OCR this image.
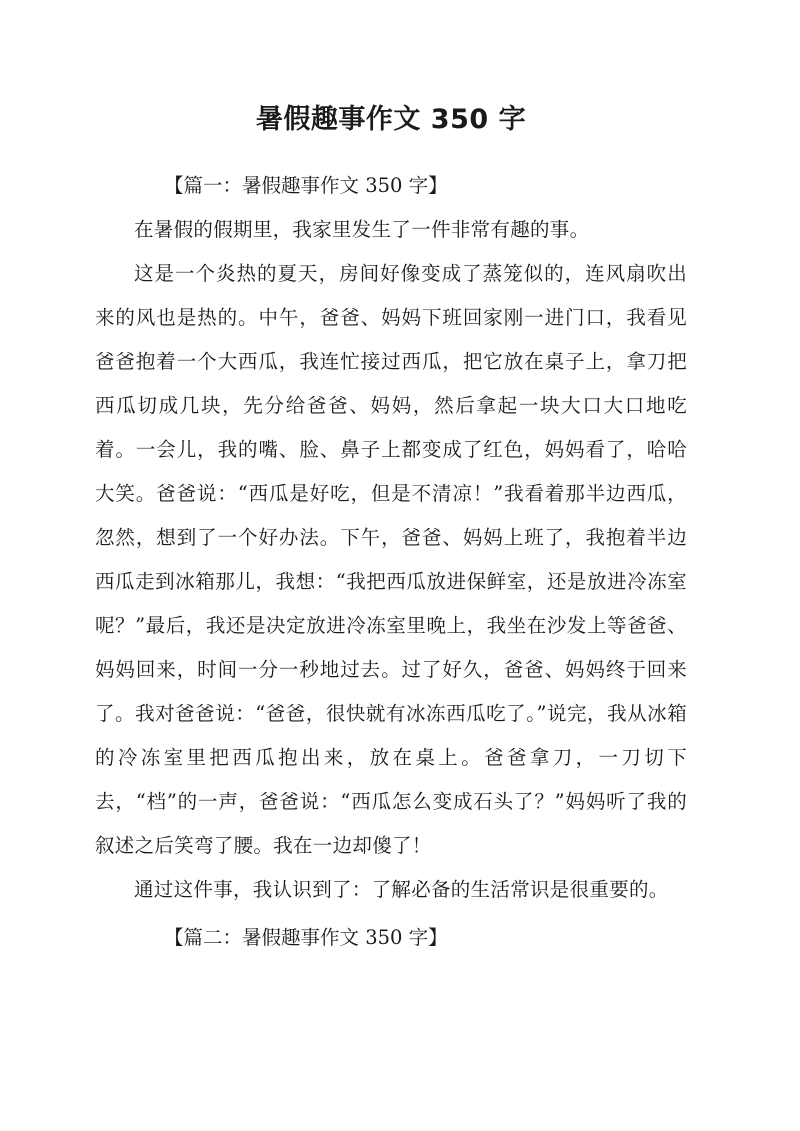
暑假趣事作文 350 字

【篇一：暑假趣事作文 350 字】

在暑假的假期里，我家里发生了一件非常有趣的事。

这是一个炎热的夏天，房间好像变成了蒸笼似的，连风扇吹出来的风也是热的。中午，爸爸、妈妈下班回家刚一进门口，我看见爸爸抱着一个大西瓜，我连忙接过西瓜，把它放在桌子上，拿刀把西瓜切成几块，先分给爸爸、妈妈，然后拿起一块大口大口地吃着。一会儿，我的嘴、脸、鼻子上都变成了红色，妈妈看了，哈哈大笑。爸爸说：“西瓜是好吃，但是不清凉！”我看着那半边西瓜，忽然，想到了一个好办法。下午，爸爸、妈妈上班了，我抱着半边西瓜走到冰箱那儿，我想：“我把西瓜放进保鲜室，还是放进冷冻室呢？”最后，我还是决定放进冷冻室里晚上，我坐在沙发上等爸爸、妈妈回来，时间一分一秒地过去。过了好久，爸爸、妈妈终于回来了。我对爸爸说：“爸爸，很快就有冰冻西瓜吃了。”说完，我从冰箱的冷冻室里把西瓜抱出来，放在桌上。爸爸拿刀，一刀切下去，“档”的一声，爸爸说：“西瓜怎么变成石头了？”妈妈听了我的叙述之后笑弯了腰。我在一边却傻了！

通过这件事，我认识到了：了解必备的生活常识是很重要的。

【篇二：暑假趣事作文 350 字】
